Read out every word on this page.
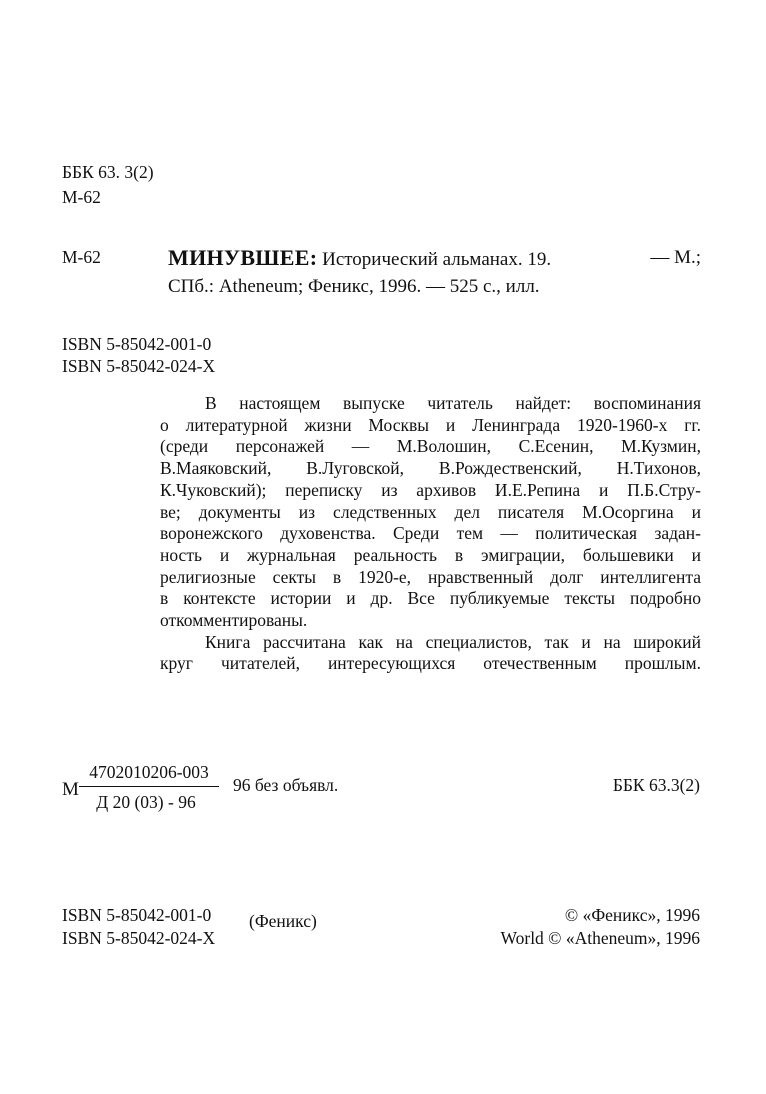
ББК 63. 3(2)
М-62
М-62	МИНУВШЕЕ: Исторический альманах. 19.	— М.;
СПб.: Atheneum; Феникс, 1996. — 525 с., илл.
ISBN 5-85042-001-0
ISBN 5-85042-024-X
В настоящем выпуске читатель найдет: воспоминания
о литературной жизни Москвы и Ленинграда 1920-1960-х гг.
(среди персонажей — М.Волошин, С.Есенин, М.Кузмин,
В.Маяковский, В.Луговской, В.Рождественский, Н.Тихонов,
К.Чуковский); переписку из архивов И.Е.Репина и П.Б.Стру-
ве; документы из следственных дел писателя М.Осоргина и
воронежского духовенства. Среди тем — политическая задан-
ность и журнальная реальность в эмиграции, большевики и
религиозные секты в 1920-е, нравственный долг интеллигента
в контексте истории и др. Все публикуемые тексты подробно
откомментированы.
Книга рассчитана как на специалистов, так и на широкий
круг читателей, интересующихся отечественным прошлым.
М
4702010206-003
Д 20 (03) - 96
96 без объявл.	ББК 63.3(2)
ISBN 5-85042-001-0
ISBN 5-85042-024-X
(Феникс)	© «Феникс», 1996
World © «Atheneum», 1996
